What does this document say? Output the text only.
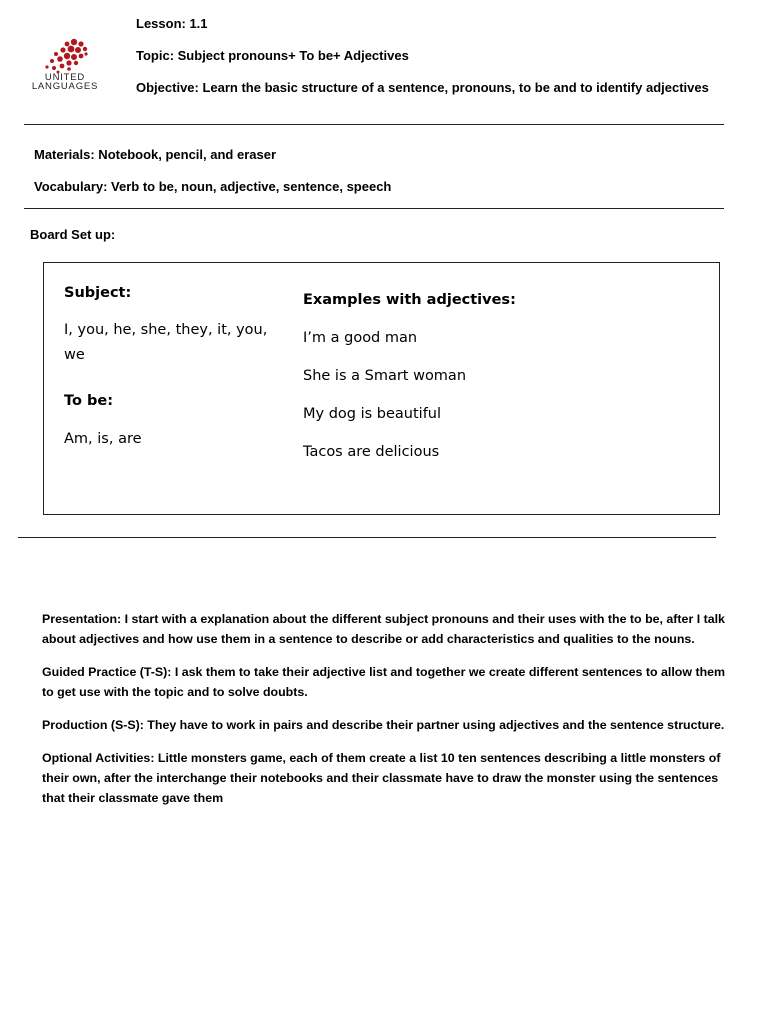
UNITED
LANGUAGES
Lesson: 1.1
Topic: Subject pronouns+ To be+ Adjectives
Objective: Learn the basic structure of a sentence, pronouns, to be and to identify adjectives
Materials: Notebook, pencil, and eraser
Vocabulary: Verb to be, noun, adjective, sentence, speech
Board Set up:
Subject:
I, you, he, she, they, it, you,
we
To be:
Am, is, are
Examples with adjectives:
I’m a good man
She is a Smart woman
My dog is beautiful
Tacos are delicious
Presentation: I start with a explanation about the different subject pronouns and their uses with the to be, after I talk
about adjectives and how use them in a sentence to describe or add characteristics and qualities to the nouns.
Guided Practice (T-S): I ask them to take their adjective list and together we create different sentences to allow them
to get use with the topic and to solve doubts.
Production (S-S): They have to work in pairs and describe their partner using adjectives and the sentence structure.
Optional Activities: Little monsters game, each of them create a list 10 ten sentences describing a little monsters of
their own, after the interchange their notebooks and their classmate have to draw the monster using the sentences
that their classmate gave them
